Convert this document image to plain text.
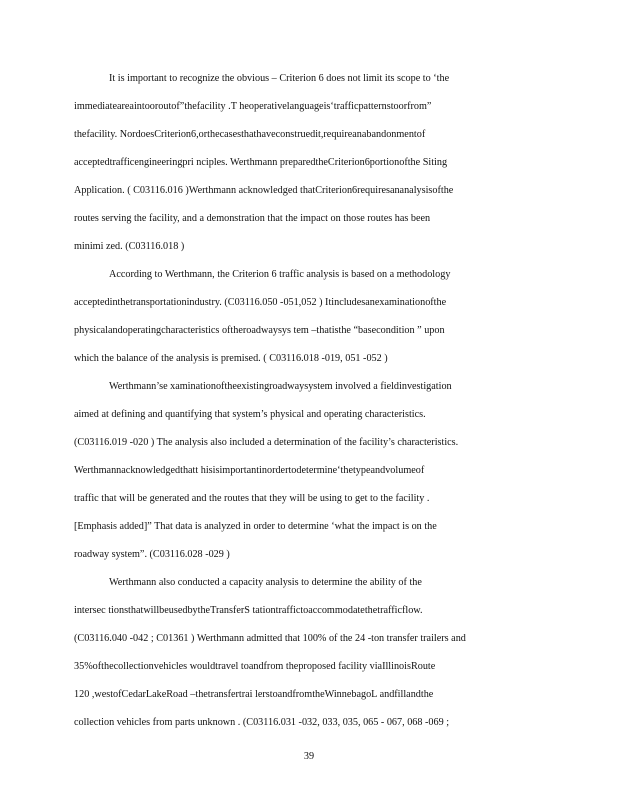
It is important to recognize the obvious – Criterion 6 does not limit its scope to ‘the
immediateareaintooroutof”thefacility .T heoperativelanguageis‘trafficpatternstoorfrom”
thefacility. NordoesCriterion6,orthecasesthathaveconstruedit,requireanabandonmentof
acceptedtrafficengineeringpri nciples. Werthmann preparedtheCriterion6portionofthe Siting
Application. ( C03116.016 )Werthmann acknowledged thatCriterion6requiresananalysisofthe
routes serving the facility, and a demonstration that the impact on those routes has been
minimi zed. (C03116.018 )
According to Werthmann, the Criterion 6 traffic analysis is based on a methodology
acceptedinthetransportationindustry. (C03116.050 -051,052 ) Itincludesanexaminationofthe
physicalandoperatingcharacteristics oftheroadwaysys tem –thatisthe “basecondition ” upon
which the balance of the analysis is premised. ( C03116.018 -019, 051 -052 )
Werthmann’se xaminationoftheexistingroadwaysystem involved a fieldinvestigation
aimed at defining and quantifying that system’s physical and operating characteristics.
(C03116.019 -020 ) The analysis also included a determination of the facility’s characteristics.
Werthmannacknowledgedthatt hisisimportantinordertodetermine‘thetypeandvolumeof
traffic that will be generated and the routes that they will be using to get to the facility .
[Emphasis added]” That data is analyzed in order to determine ‘what the impact is on the
roadway system”. (C03116.028 -029 )
Werthmann also conducted a capacity analysis to determine the ability of the
intersec tionsthatwillbeusedbytheTransferS tationtraffictoaccommodatethetrafficflow.
(C03116.040 -042 ; C01361 ) Werthmann admitted that 100% of the 24 -ton transfer trailers and
35%ofthecollectionvehicles wouldtravel toandfrom theproposed facility viaIllinoisRoute
120 ,westofCedarLakeRoad –thetransfertrai lerstoandfromtheWinnebagoL andfillandthe
collection vehicles from parts unknown . (C03116.031 -032, 033, 035, 065 - 067, 068 -069 ;
39
